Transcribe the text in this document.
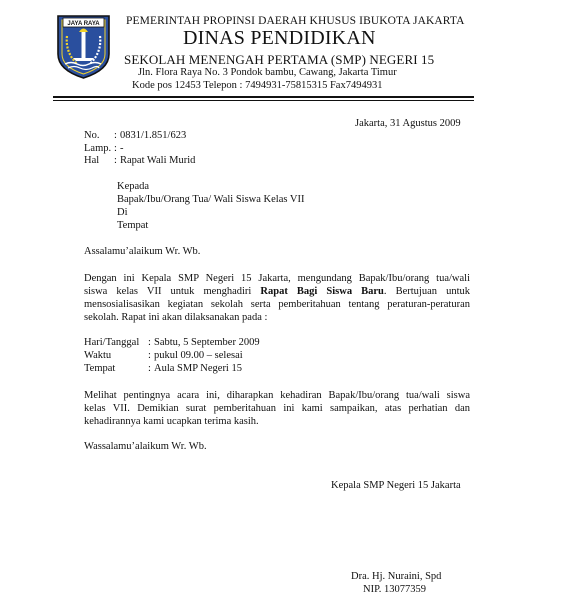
JAYA RAYA PEMERINTAH PROPINSI DAERAH KHUSUS IBUKOTA JAKARTA
DINAS PENDIDIKAN
SEKOLAH MENENGAH PERTAMA (SMP) NEGERI 15
Jln. Flora Raya No. 3 Pondok bambu, Cawang, Jakarta Timur
Kode pos 12453 Telepon : 7494931-75815315 Fax7494931
Jakarta, 31 Agustus 2009
No. : 0831/1.851/623
Lamp. : -
Hal : Rapat Wali Murid
Kepada
Bapak/Ibu/Orang Tua/ Wali Siswa Kelas VII
Di
Tempat
Assalamu’alaikum Wr. Wb.
Dengan ini Kepala SMP Negeri 15 Jakarta, mengundang Bapak/Ibu/orang tua/wali
siswa kelas VII untuk menghadiri Rapat Bagi Siswa Baru. Bertujuan untuk
mensosialisasikan kegiatan sekolah serta pemberitahuan tentang peraturan-peraturan
sekolah. Rapat ini akan dilaksanakan pada :
Hari/Tanggal : Sabtu, 5 September 2009
Waktu	: pukul 09.00 – selesai
Tempat	: Aula SMP Negeri 15
Melihat pentingnya acara ini, diharapkan kehadiran Bapak/Ibu/orang tua/wali siswa
kelas VII. Demikian surat pemberitahuan ini kami sampaikan, atas perhatian dan
kehadirannya kami ucapkan terima kasih.
Wassalamu’alaikum Wr. Wb.
Kepala SMP Negeri 15 Jakarta
Dra. Hj. Nuraini, Spd
NIP. 13077359
